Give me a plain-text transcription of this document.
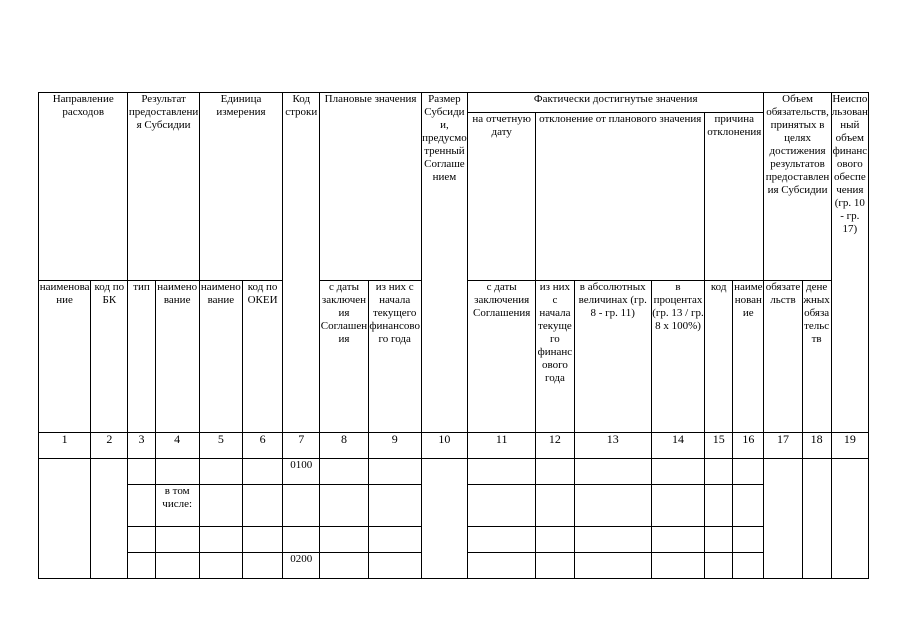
Направление расходов		Результат предоставления Субсидии		Единица измерения		Код строки	Плановые значения		Размер Субсидии, предусмотренный Соглашением	Фактически достигнутые значения						Объем обязательств, принятых в целях достижения результатов предоставления Субсидии		Неиспользованный объем финансового обеспечения (гр. 10 - гр. 17)
										на отчетную дату	отклонение от планового значения			причина отклонения				

наименование	код по БК	тип	наименование	наименование	код по ОКЕИ		с даты заключения Соглашения	из них с начала текущего финансового года		с даты заключения Соглашения	из них с начала текущего финансового года	в абсолютных величинах (гр. 8 - гр. 11)	в процентах (гр. 13 / гр. 8 x 100%)	код	наименование	обязательств	денежных обязательств	
1	2	3	4	5	6	7	8	9	10	11	12	13	14	15	16	17	18	19
						0100												
			в том числе:															

						0200												
